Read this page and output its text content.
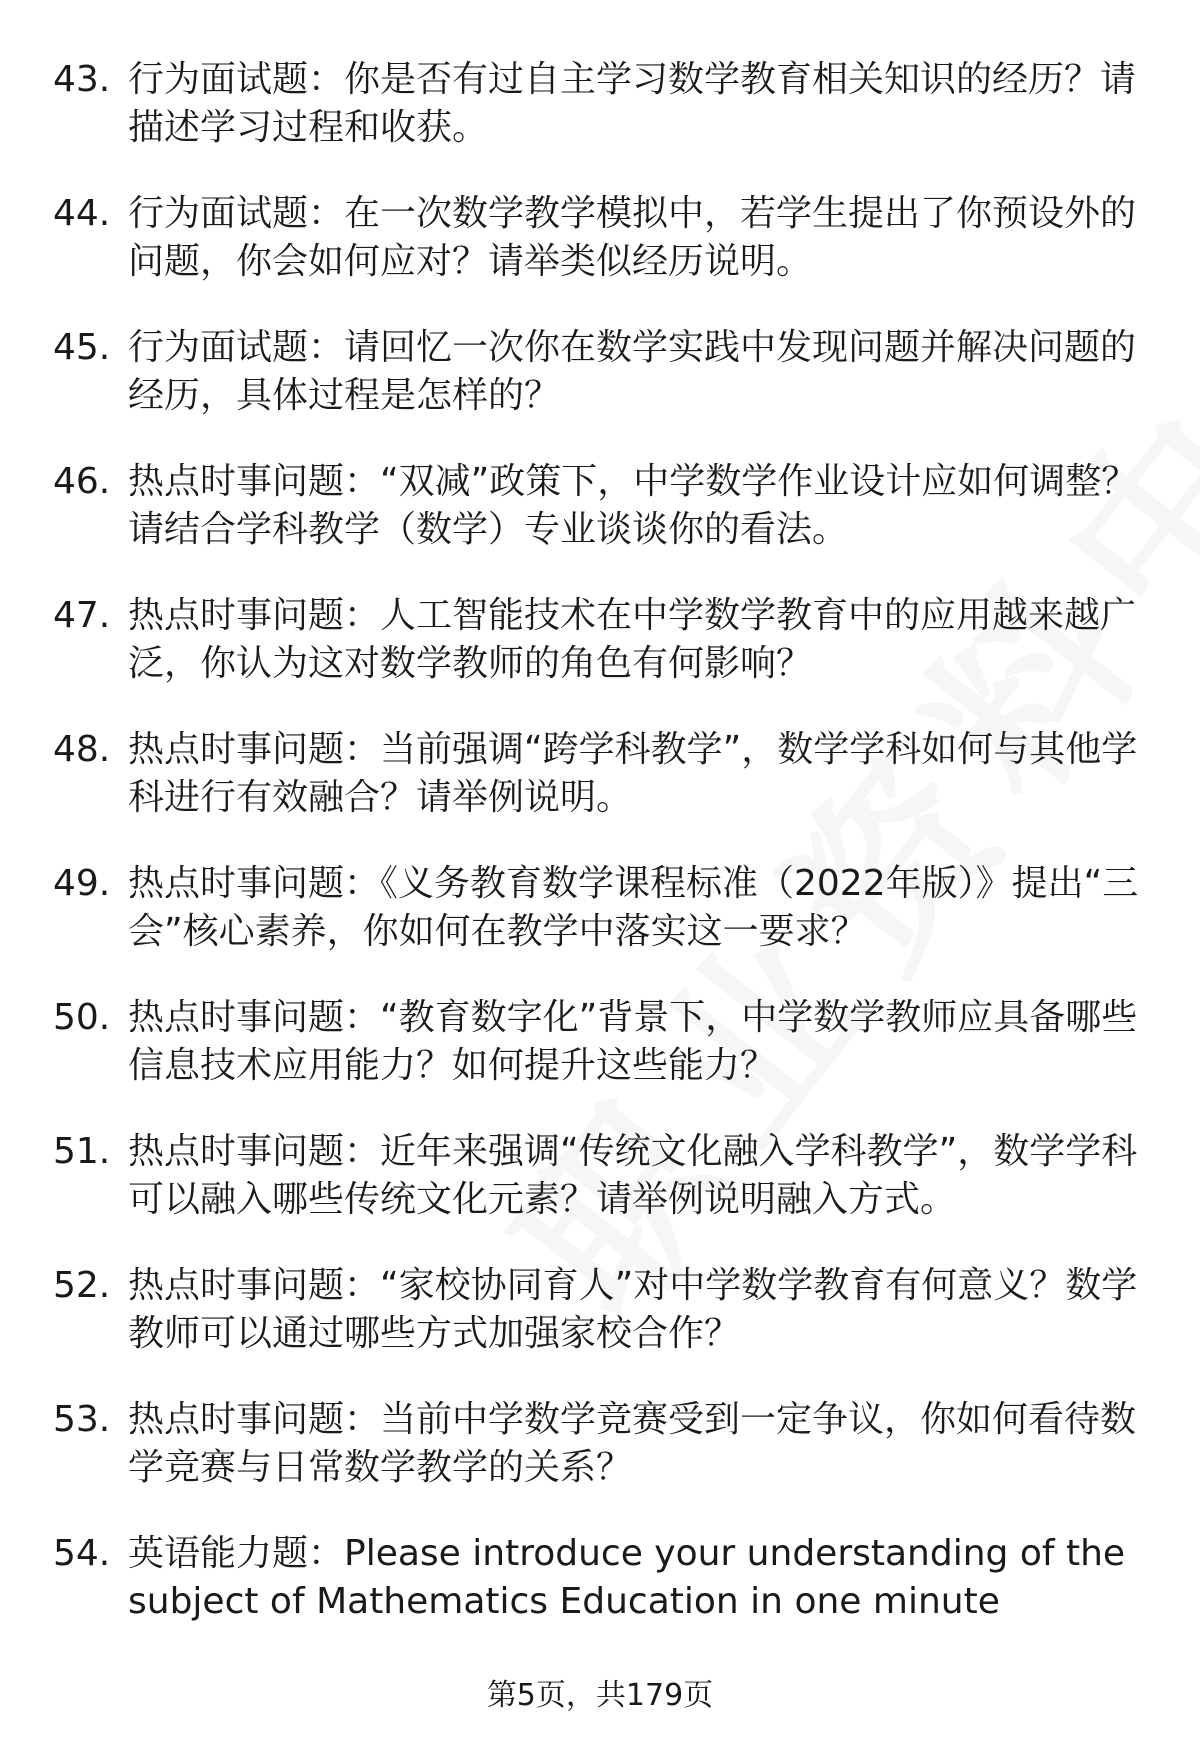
43. 行为面试题：你是否有过自主学习数学教育相关知识的经历？请描述学习过程和收获。
44. 行为面试题：在一次数学教学模拟中，若学生提出了你预设外的问题，你会如何应对？请举类似经历说明。
45. 行为面试题：请回忆一次你在数学实践中发现问题并解决问题的经历，具体过程是怎样的？
46. 热点时事问题：“双减”政策下，中学数学作业设计应如何调整？请结合学科教学（数学）专业谈谈你的看法。
47. 热点时事问题：人工智能技术在中学数学教育中的应用越来越广泛，你认为这对数学教师的角色有何影响？
48. 热点时事问题：当前强调“跨学科教学”，数学学科如何与其他学科进行有效融合？请举例说明。
49. 热点时事问题：《义务教育数学课程标准（2022年版）》提出“三会”核心素养，你如何在教学中落实这一要求？
50. 热点时事问题：“教育数字化”背景下，中学数学教师应具备哪些信息技术应用能力？如何提升这些能力？
51. 热点时事问题：近年来强调“传统文化融入学科教学”，数学学科可以融入哪些传统文化元素？请举例说明融入方式。
52. 热点时事问题：“家校协同育人”对中学数学教育有何意义？数学教师可以通过哪些方式加强家校合作？
53. 热点时事问题：当前中学数学竞赛受到一定争议，你如何看待数学竞赛与日常数学教学的关系？
54. 英语能力题：Please introduce your understanding of the subject of Mathematics Education in one minute
第5页，共179页
